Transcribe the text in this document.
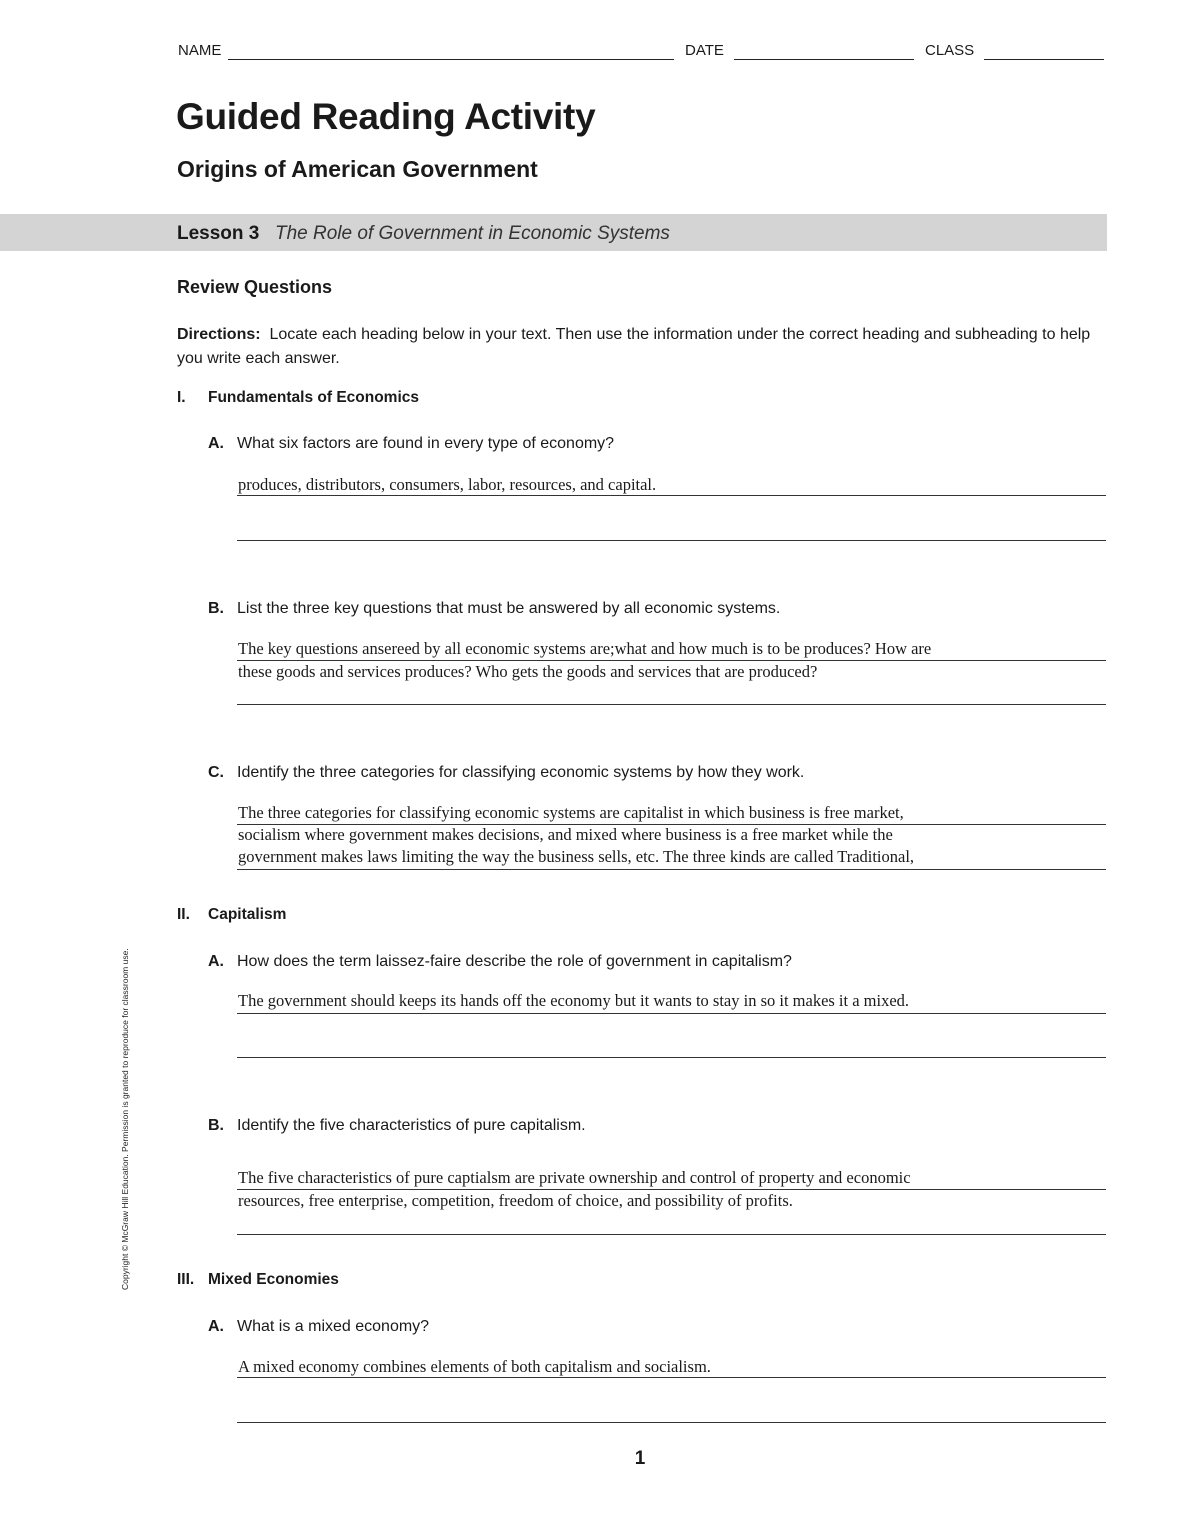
NAME	DATE	CLASS
Guided Reading Activity
Origins of American Government
Lesson 3 The Role of Government in Economic Systems
Review Questions
Directions: Locate each heading below in your text. Then use the information under the correct heading and subheading to help you write each answer.
I. Fundamentals of Economics
A. What six factors are found in every type of economy?
produces, distributors, consumers, labor, resources, and capital.
B. List the three key questions that must be answered by all economic systems.
The key questions ansereed by all economic systems are;what and how much is to be produces? How are
these goods and services produces? Who gets the goods and services that are produced?
C. Identify the three categories for classifying economic systems by how they work.
The three categories for classifying economic systems are capitalist in which business is free market,
socialism where government makes decisions, and mixed where business is a free market while the
government makes laws limiting the way the business sells, etc. The three kinds are called Traditional,
II. Capitalism
A. How does the term laissez-faire describe the role of government in capitalism?
The government should keeps its hands off the economy but it wants to stay in so it makes it a mixed.
B. Identify the five characteristics of pure capitalism.
The five characteristics of pure captialsm are private ownership and control of property and economic
resources, free enterprise, competition, freedom of choice, and possibility of profits.
III. Mixed Economies
A. What is a mixed economy?
A mixed economy combines elements of both capitalism and socialism.
Copyright © McGraw Hill Education. Permission is granted to reproduce for classroom use.
1
